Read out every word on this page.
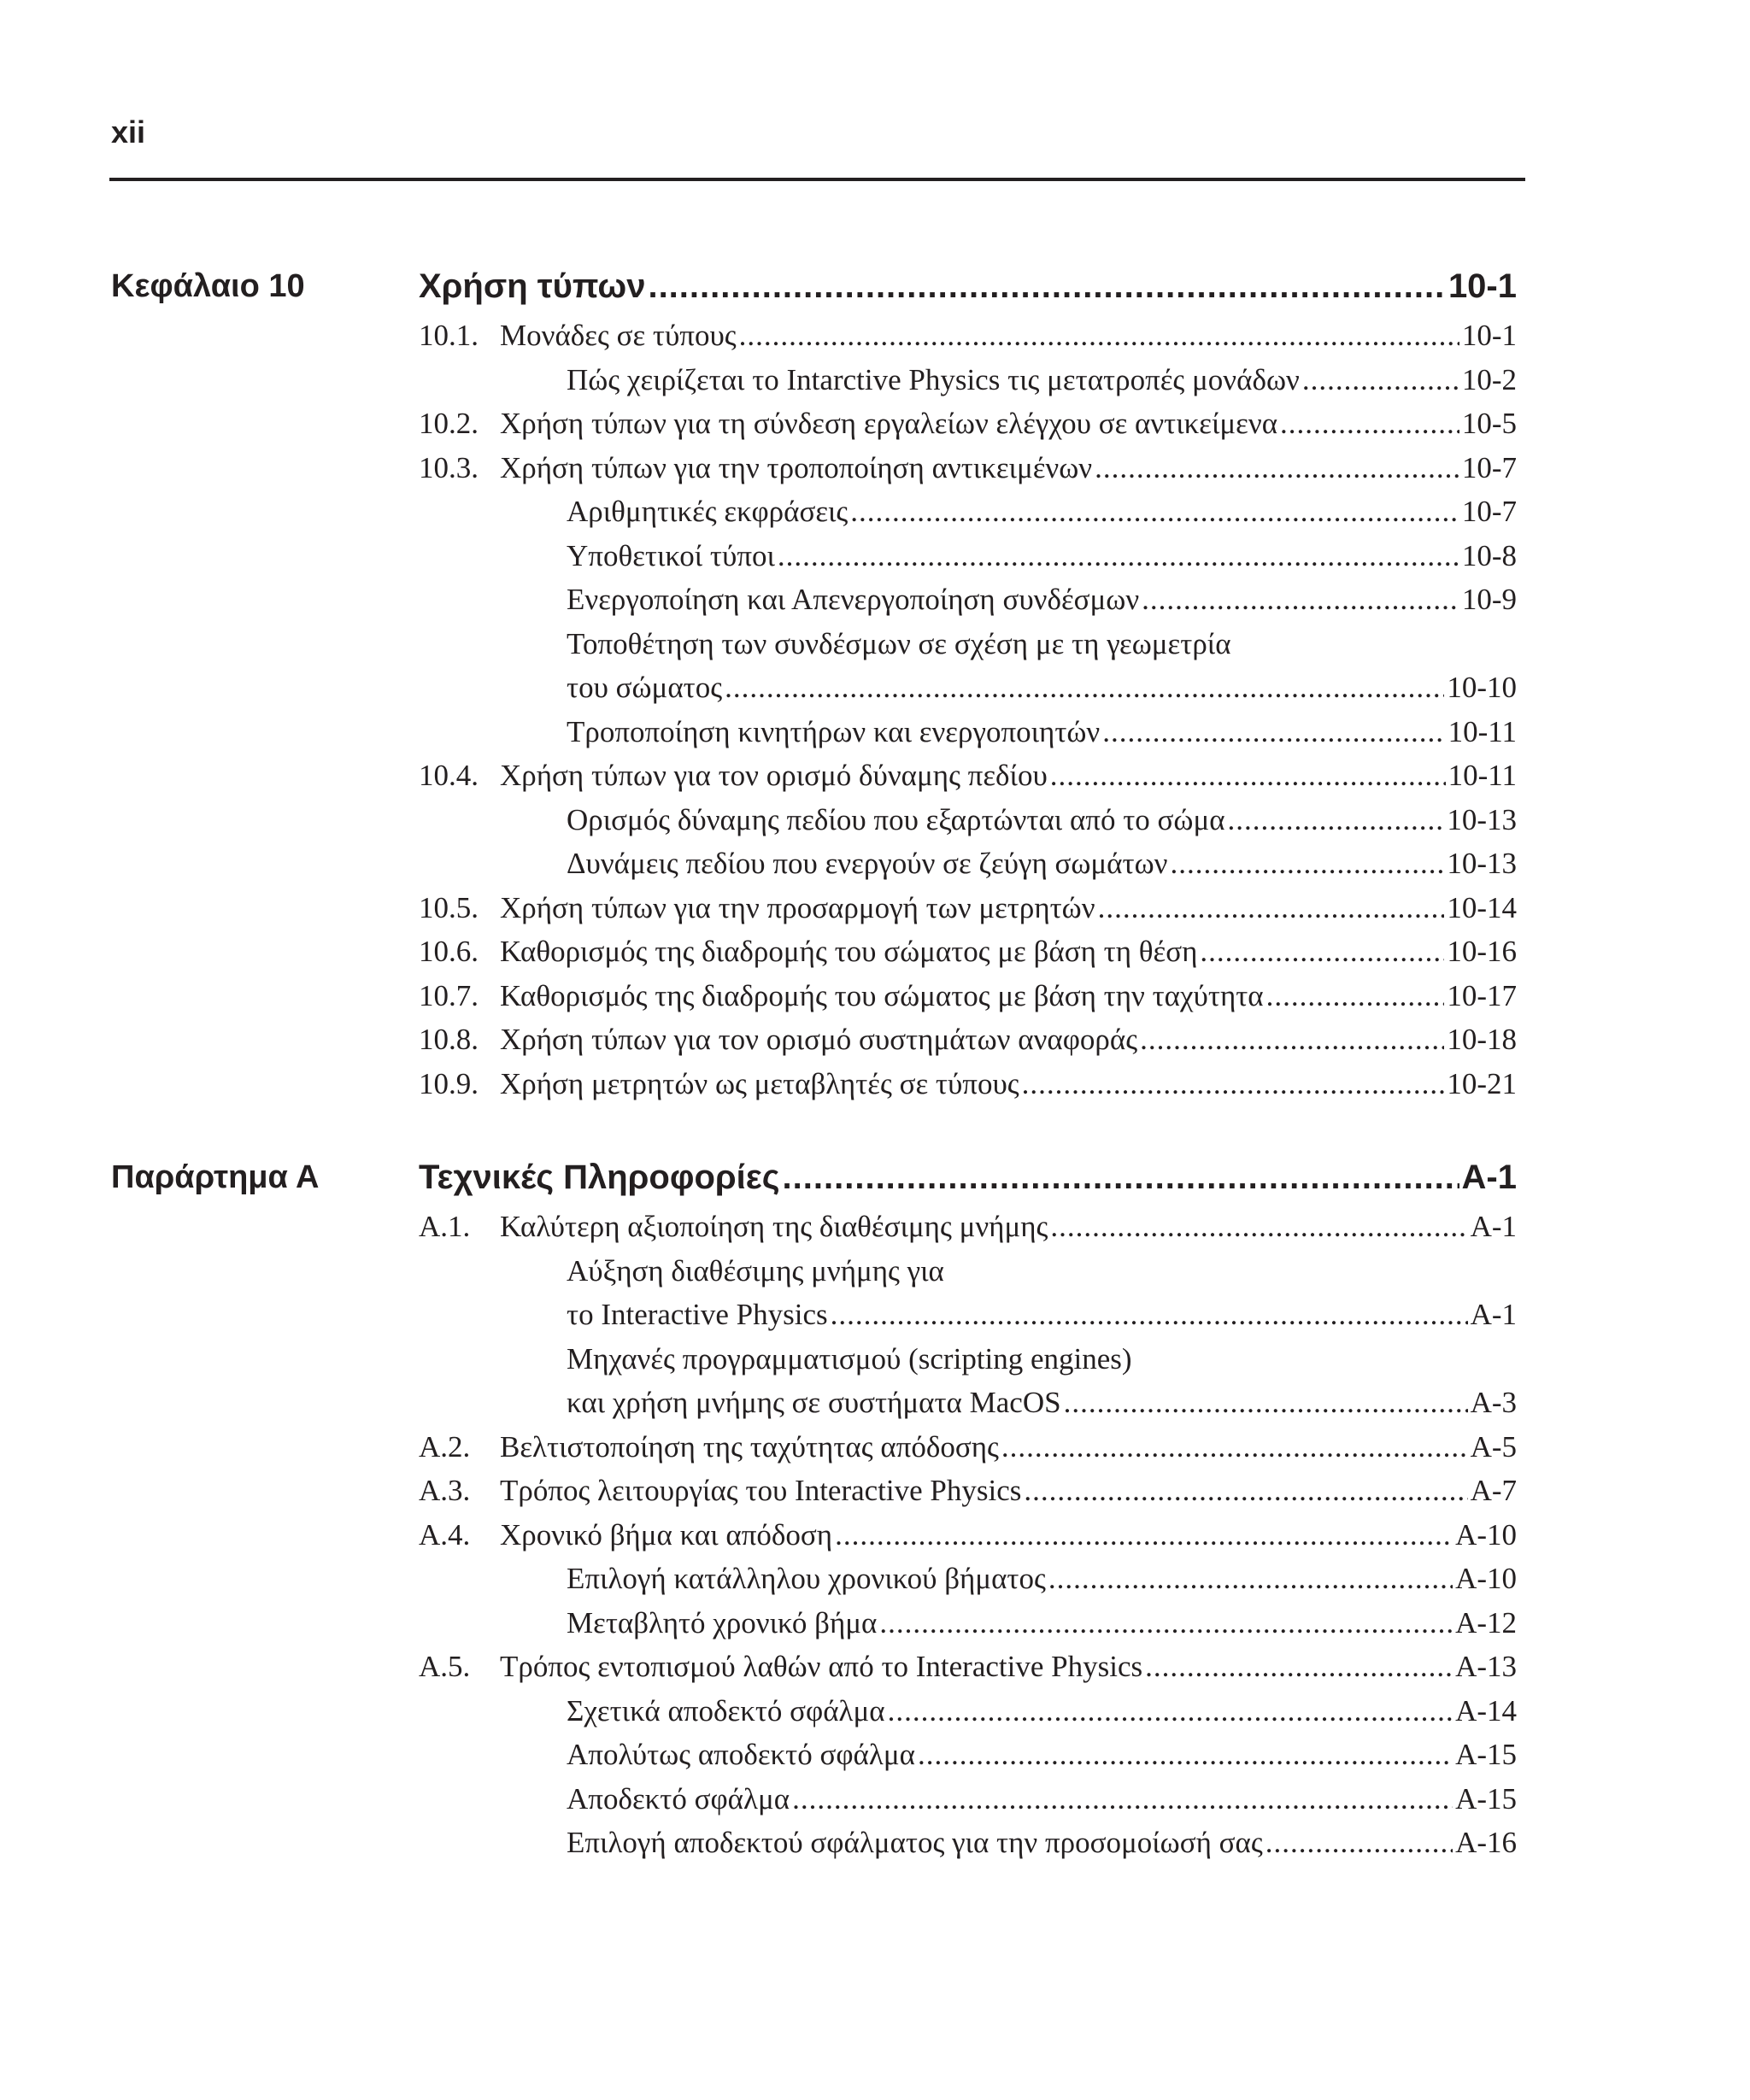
xii
Κεφάλαιο 10	Χρήση τύπων .....	10-1
10.1. Μονάδες σε τύπους .....	10-1
Πώς χειρίζεται το Intarctive Physics τις μετατροπές μονάδων .....	10-2
10.2. Χρήση τύπων για τη σύνδεση εργαλείων ελέγχου σε αντικείμενα .....	10-5
10.3. Χρήση τύπων για την τροποποίηση αντικειμένων .....	10-7
Αριθμητικές εκφράσεις .....	10-7
Υποθετικοί τύποι .....	10-8
Ενεργοποίηση και Απενεργοποίηση συνδέσμων .....	10-9
Τοποθέτηση των συνδέσμων σε σχέση με τη γεωμετρία
του σώματος .....	10-10
Τροποποίηση κινητήρων και ενεργοποιητών .....	10-11
10.4. Χρήση τύπων για τον ορισμό δύναμης πεδίου .....	10-11
Ορισμός δύναμης πεδίου που εξαρτώνται από το σώμα .....	10-13
Δυνάμεις πεδίου που ενεργούν σε ζεύγη σωμάτων .....	10-13
10.5. Χρήση τύπων για την προσαρμογή των μετρητών .....	10-14
10.6. Καθορισμός της διαδρομής του σώματος με βάση τη θέση .....	10-16
10.7. Καθορισμός της διαδρομής του σώματος με βάση την ταχύτητα .....	10-17
10.8. Χρήση τύπων για τον ορισμό συστημάτων αναφοράς .....	10-18
10.9. Χρήση μετρητών ως μεταβλητές σε τύπους .....	10-21
Παράρτημα Α	Τεχνικές Πληροφορίες .....	Α-1
Α.1. Καλύτερη αξιοποίηση της διαθέσιμης μνήμης .....	Α-1
Αύξηση διαθέσιμης μνήμης για
το Interactive Physics .....	Α-1
Μηχανές προγραμματισμού (scripting engines)
και χρήση μνήμης σε συστήματα MacOS .....	Α-3
Α.2. Βελτιστοποίηση της ταχύτητας απόδοσης .....	Α-5
Α.3. Τρόπος λειτουργίας του Interactive Physics .....	Α-7
Α.4. Χρονικό βήμα και απόδοση .....	Α-10
Επιλογή κατάλληλου χρονικού βήματος .....	Α-10
Μεταβλητό χρονικό βήμα .....	Α-12
Α.5. Τρόπος εντοπισμού λαθών από το Interactive Physics .....	Α-13
Σχετικά αποδεκτό σφάλμα .....	Α-14
Απολύτως αποδεκτό σφάλμα .....	Α-15
Αποδεκτό σφάλμα .....	Α-15
Επιλογή αποδεκτού σφάλματος για την προσομοίωσή σας .....	Α-16
